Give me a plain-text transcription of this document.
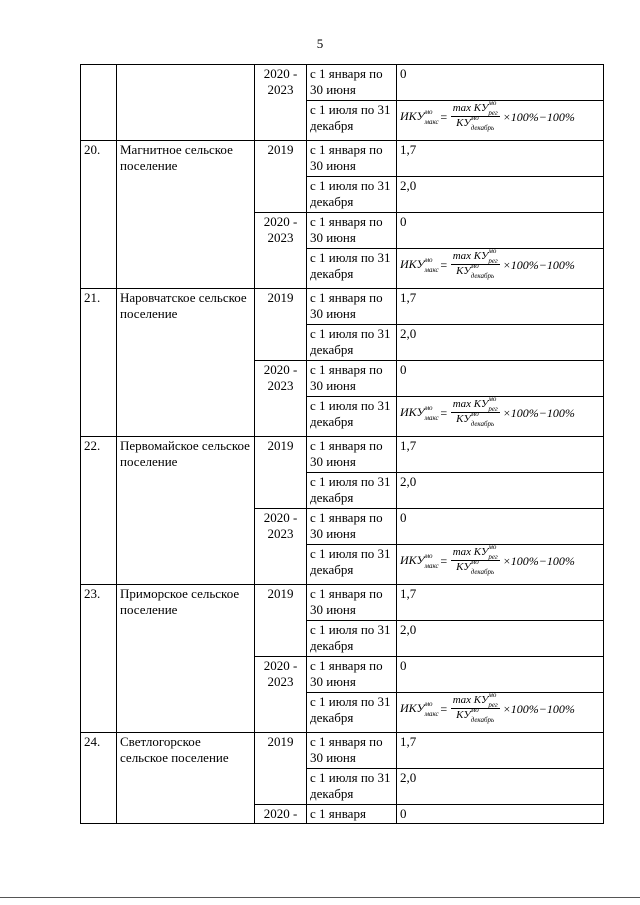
5
		2020 - 2023	с 1 января по 30 июня	0
			с 1 июля по 31 декабря	$ИКУ^{мо}_{макс} = \frac{\max КУ^{мо}_{рег}}{КУ^{мо}_{декабрь}} \times 100\%-100\%$

20.	Магнитное сельское поселение	2019	с 1 января по 30 июня	1,7
			с 1 июля по 31 декабря	2,0
		2020 - 2023	с 1 января по 30 июня	0
			с 1 июля по 31 декабря	$ИКУ^{мо}_{макс} = \frac{\max КУ^{мо}_{рег}}{КУ^{мо}_{декабрь}} \times 100\%-100\%$

21.	Наровчатское сельское поселение	2019	с 1 января по 30 июня	1,7
			с 1 июля по 31 декабря	2,0
		2020 - 2023	с 1 января по 30 июня	0
			с 1 июля по 31 декабря	$ИКУ^{мо}_{макс} = \frac{\max КУ^{мо}_{рег}}{КУ^{мо}_{декабрь}} \times 100\%-100\%$

22.	Первомайское сельское поселение	2019	с 1 января по 30 июня	1,7
			с 1 июля по 31 декабря	2,0
		2020 - 2023	с 1 января по 30 июня	0
			с 1 июля по 31 декабря	$ИКУ^{мо}_{макс} = \frac{\max КУ^{мо}_{рег}}{КУ^{мо}_{декабрь}} \times 100\%-100\%$

23.	Приморское сельское поселение	2019	с 1 января по 30 июня	1,7
			с 1 июля по 31 декабря	2,0
		2020 - 2023	с 1 января по 30 июня	0
			с 1 июля по 31 декабря	$ИКУ^{мо}_{макс} = \frac{\max КУ^{мо}_{рег}}{КУ^{мо}_{декабрь}} \times 100\%-100\%$

24.	Светлогорское сельское поселение	2019	с 1 января по 30 июня	1,7
			с 1 июля по 31 декабря	2,0
		2020 -	с 1 января	0
